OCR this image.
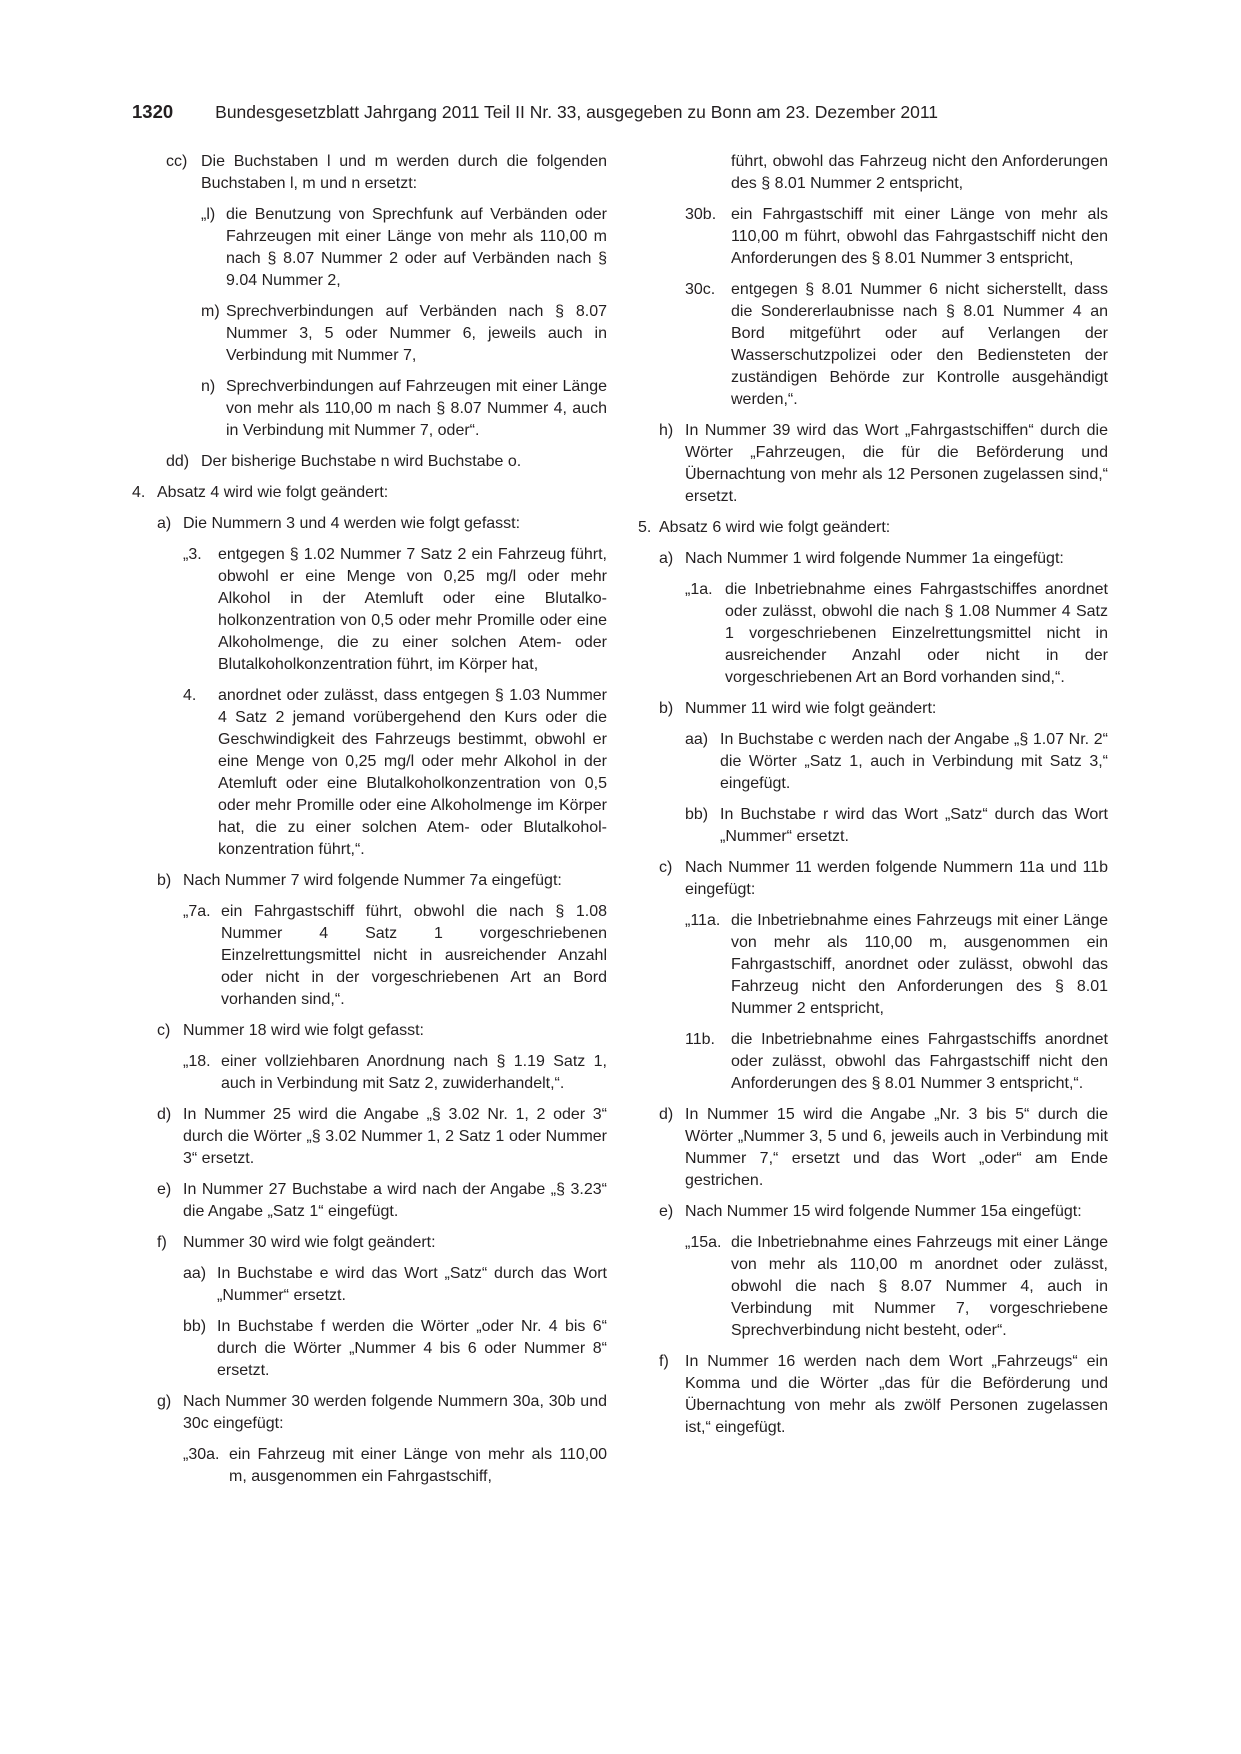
1320 Bundesgesetzblatt Jahrgang 2011 Teil II Nr. 33, ausgegeben zu Bonn am 23. Dezember 2011
cc) Die Buchstaben l und m werden durch die folgenden Buchstaben l, m und n ersetzt:
„l) die Benutzung von Sprechfunk auf Verbänden oder Fahrzeugen mit einer Länge von mehr als 110,00 m nach § 8.07 Nummer 2 oder auf Verbänden nach § 9.04 Nummer 2,
m) Sprechverbindungen auf Verbänden nach § 8.07 Nummer 3, 5 oder Nummer 6, jeweils auch in Verbindung mit Nummer 7,
n) Sprechverbindungen auf Fahrzeugen mit einer Länge von mehr als 110,00 m nach § 8.07 Nummer 4, auch in Verbindung mit Nummer 7, oder“.
dd) Der bisherige Buchstabe n wird Buchstabe o.
4. Absatz 4 wird wie folgt geändert:
a) Die Nummern 3 und 4 werden wie folgt gefasst:
„3.	entgegen § 1.02 Nummer 7 Satz 2 ein Fahrzeug führt, obwohl er eine Menge von 0,25 mg/l oder mehr Alkohol in der Atemluft oder eine Blutalkoholkonzentration von 0,5 oder mehr Promille oder eine Alkoholmenge, die zu einer solchen Atem- oder Blutalkoholkonzentration führt, im Körper hat,
4.	anordnet oder zulässt, dass entgegen § 1.03 Nummer 4 Satz 2 jemand vorübergehend den Kurs oder die Geschwindigkeit des Fahrzeugs bestimmt, obwohl er eine Menge von 0,25 mg/l oder mehr Alkohol in der Atemluft oder eine Blutalkoholkonzentration von 0,5 oder mehr Promille oder eine Alkoholmenge im Körper hat, die zu einer solchen Atem- oder Blutalkoholkonzentration führt,“.
b) Nach Nummer 7 wird folgende Nummer 7a eingefügt:
„7a. ein Fahrgastschiff führt, obwohl die nach § 1.08 Nummer 4 Satz 1 vorgeschriebenen Einzelrettungsmittel nicht in ausreichender Anzahl oder nicht in der vorgeschriebenen Art an Bord vorhanden sind,“.
c) Nummer 18 wird wie folgt gefasst:
„18. einer vollziehbaren Anordnung nach § 1.19 Satz 1, auch in Verbindung mit Satz 2, zuwiderhandelt,“.
d) In Nummer 25 wird die Angabe „§ 3.02 Nr. 1, 2 oder 3“ durch die Wörter „§ 3.02 Nummer 1, 2 Satz 1 oder Nummer 3“ ersetzt.
e) In Nummer 27 Buchstabe a wird nach der Angabe „§ 3.23“ die Angabe „Satz 1“ eingefügt.
f)	Nummer 30 wird wie folgt geändert:
aa) In Buchstabe e wird das Wort „Satz“ durch das Wort „Nummer“ ersetzt.
bb) In Buchstabe f werden die Wörter „oder Nr. 4 bis 6“ durch die Wörter „Nummer 4 bis 6 oder Nummer 8“ ersetzt.
g) Nach Nummer 30 werden folgende Nummern 30a, 30b und 30c eingefügt:
„30a. ein Fahrzeug mit einer Länge von mehr als 110,00 m, ausgenommen ein Fahrgastschiff,
führt, obwohl das Fahrzeug nicht den Anforderungen des § 8.01 Nummer 2 entspricht,
30b. ein Fahrgastschiff mit einer Länge von mehr als 110,00 m führt, obwohl das Fahrgastschiff nicht den Anforderungen des § 8.01 Nummer 3 entspricht,
30c. entgegen § 8.01 Nummer 6 nicht sicherstellt, dass die Sondererlaubnisse nach § 8.01 Nummer 4 an Bord mitgeführt oder auf Verlangen der Wasserschutzpolizei oder den Bediensteten der zuständigen Behörde zur Kontrolle ausgehändigt werden,“.
h) In Nummer 39 wird das Wort „Fahrgastschiffen“ durch die Wörter „Fahrzeugen, die für die Beförderung und Übernachtung von mehr als 12 Personen zugelassen sind,“ ersetzt.
5. Absatz 6 wird wie folgt geändert:
a) Nach Nummer 1 wird folgende Nummer 1a eingefügt:
„1a. die Inbetriebnahme eines Fahrgastschiffes anordnet oder zulässt, obwohl die nach § 1.08 Nummer 4 Satz 1 vorgeschriebenen Einzelrettungsmittel nicht in ausreichender Anzahl oder nicht in der vorgeschriebenen Art an Bord vorhanden sind,“.
b) Nummer 11 wird wie folgt geändert:
aa) In Buchstabe c werden nach der Angabe „§ 1.07 Nr. 2“ die Wörter „Satz 1, auch in Verbindung mit Satz 3,“ eingefügt.
bb) In Buchstabe r wird das Wort „Satz“ durch das Wort „Nummer“ ersetzt.
c) Nach Nummer 11 werden folgende Nummern 11a und 11b eingefügt:
„11a. die Inbetriebnahme eines Fahrzeugs mit einer Länge von mehr als 110,00 m, ausgenommen ein Fahrgastschiff, anordnet oder zulässt, obwohl das Fahrzeug nicht den Anforderungen des § 8.01 Nummer 2 entspricht,
11b.	die Inbetriebnahme eines Fahrgastschiffs anordnet oder zulässt, obwohl das Fahrgastschiff nicht den Anforderungen des § 8.01 Nummer 3 entspricht,“.
d) In Nummer 15 wird die Angabe „Nr. 3 bis 5“ durch die Wörter „Nummer 3, 5 und 6, jeweils auch in Verbindung mit Nummer 7,“ ersetzt und das Wort „oder“ am Ende gestrichen.
e) Nach Nummer 15 wird folgende Nummer 15a eingefügt:
„15a. die Inbetriebnahme eines Fahrzeugs mit einer Länge von mehr als 110,00 m anordnet oder zulässt, obwohl die nach § 8.07 Nummer 4, auch in Verbindung mit Nummer 7, vorgeschriebene Sprechverbindung nicht besteht, oder“.
f)	In Nummer 16 werden nach dem Wort „Fahrzeugs“ ein Komma und die Wörter „das für die Beförderung und Übernachtung von mehr als zwölf Personen zugelassen ist,“ eingefügt.
